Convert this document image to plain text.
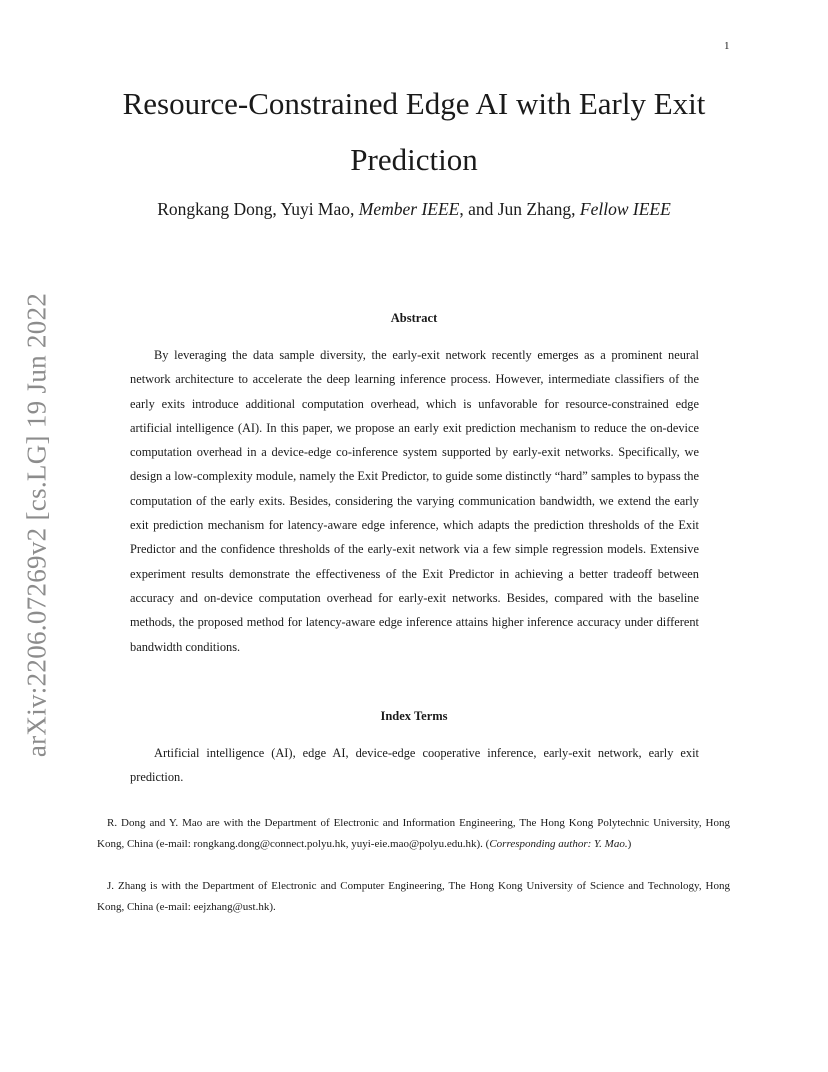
1
arXiv:2206.07269v2 [cs.LG] 19 Jun 2022
Resource-Constrained Edge AI with Early Exit Prediction

Rongkang Dong, Yuyi Mao, Member IEEE, and Jun Zhang, Fellow IEEE

Abstract

By leveraging the data sample diversity, the early-exit network recently emerges as a prominent neural network architecture to accelerate the deep learning inference process. However, intermediate classifiers of the early exits introduce additional computation overhead, which is unfavorable for resource-constrained edge artificial intelligence (AI). In this paper, we propose an early exit prediction mechanism to reduce the on-device computation overhead in a device-edge co-inference system supported by early-exit networks. Specifically, we design a low-complexity module, namely the Exit Predictor, to guide some distinctly “hard” samples to bypass the computation of the early exits. Besides, considering the varying communication bandwidth, we extend the early exit prediction mechanism for latency-aware edge inference, which adapts the prediction thresholds of the Exit Predictor and the confidence thresholds of the early-exit network via a few simple regression models. Extensive experiment results demonstrate the effectiveness of the Exit Predictor in achieving a better tradeoff between accuracy and on-device computation overhead for early-exit networks. Besides, compared with the baseline methods, the proposed method for latency-aware edge inference attains higher inference accuracy under different bandwidth conditions.

Index Terms

Artificial intelligence (AI), edge AI, device-edge cooperative inference, early-exit network, early exit prediction.

R. Dong and Y. Mao are with the Department of Electronic and Information Engineering, The Hong Kong Polytechnic University, Hong Kong, China (e-mail: rongkang.dong@connect.polyu.hk, yuyi-eie.mao@polyu.edu.hk). (Corresponding author: Y. Mao.)

J. Zhang is with the Department of Electronic and Computer Engineering, The Hong Kong University of Science and Technology, Hong Kong, China (e-mail: eejzhang@ust.hk).
